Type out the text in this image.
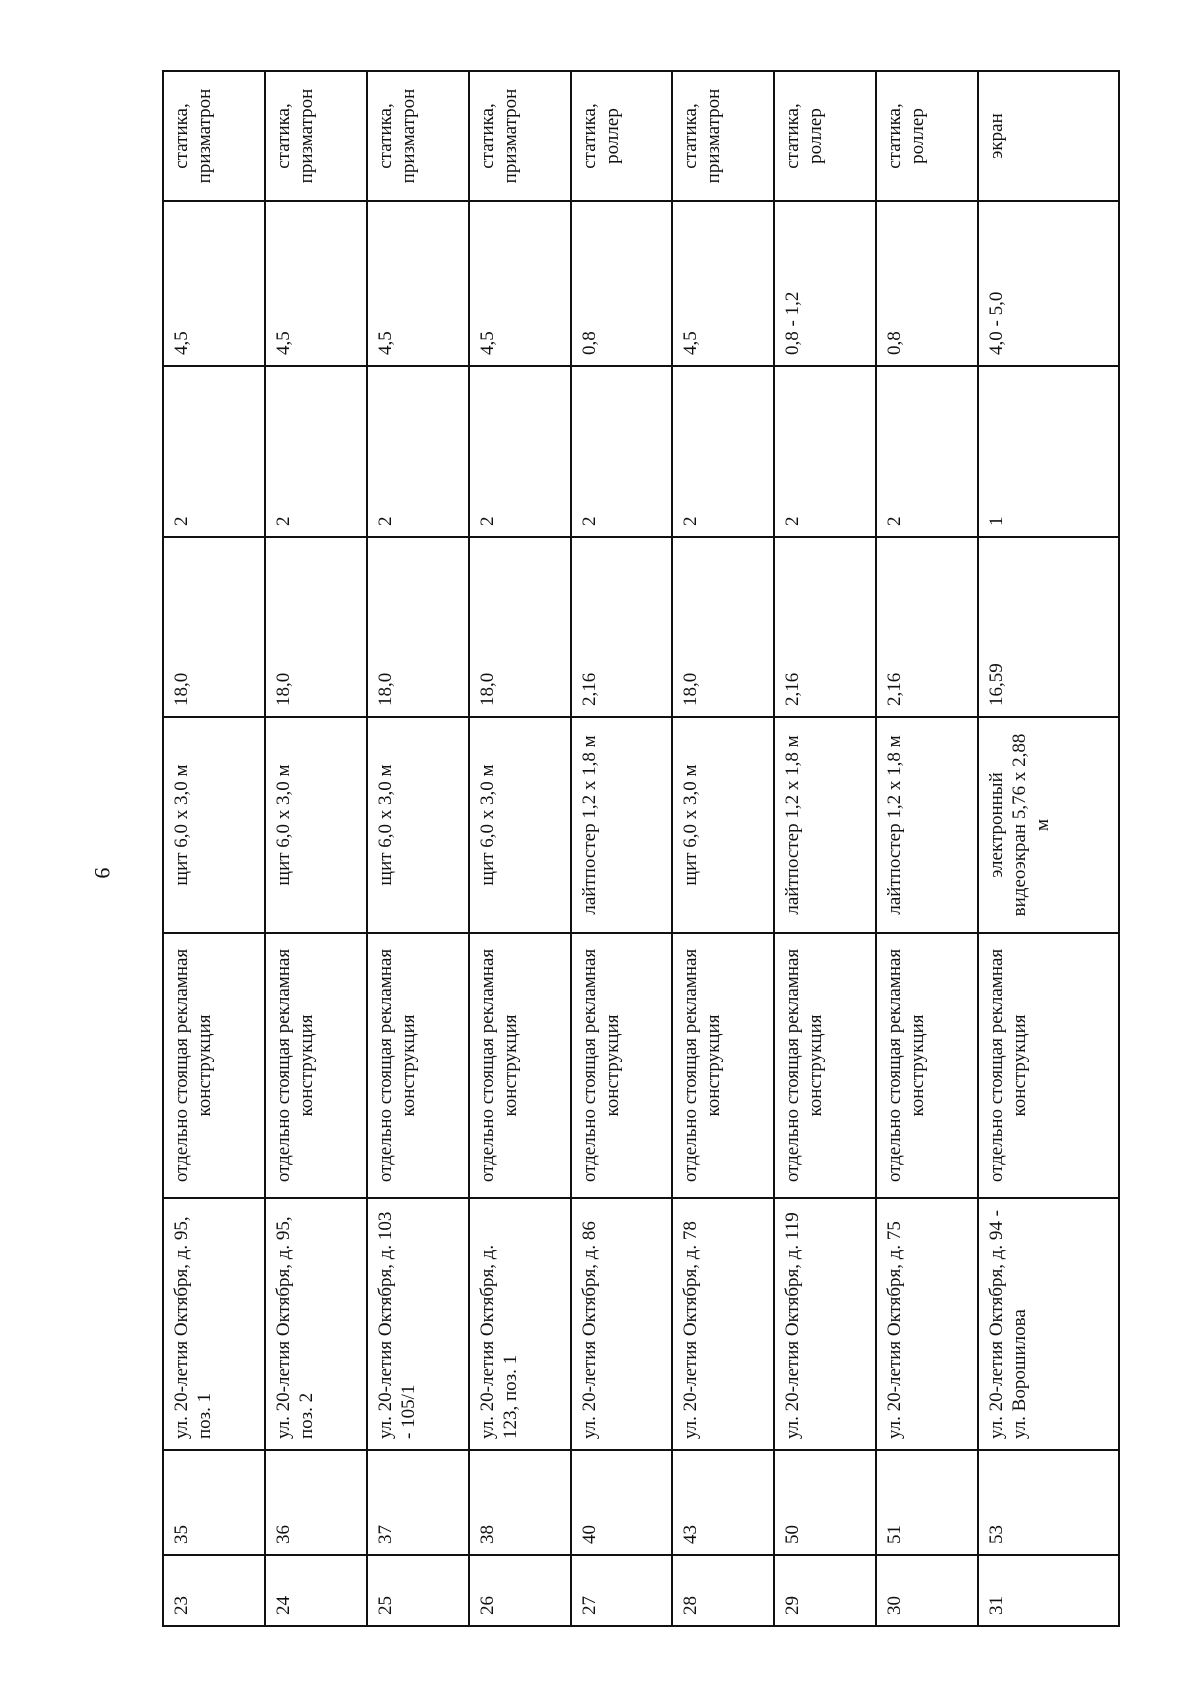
9

23	35	ул. 20-летия Октября, д. 95, поз. 1	отдельно стоящая рекламная конструкция	щит 6,0 х 3,0 м	18,0	2	4,5	статика, призматрон
24	36	ул. 20-летия Октября, д. 95, поз. 2	отдельно стоящая рекламная конструкция	щит 6,0 х 3,0 м	18,0	2	4,5	статика, призматрон
25	37	ул. 20-летия Октября, д. 103 - 105/1	отдельно стоящая рекламная конструкция	щит 6,0 х 3,0 м	18,0	2	4,5	статика, призматрон
26	38	ул. 20-летия Октября, д. 123, поз. 1	отдельно стоящая рекламная конструкция	щит 6,0 х 3,0 м	18,0	2	4,5	статика, призматрон
27	40	ул. 20-летия Октября, д. 86	отдельно стоящая рекламная конструкция	лайтпостер 1,2 х 1,8 м	2,16	2	0,8	статика, роллер
28	43	ул. 20-летия Октября, д. 78	отдельно стоящая рекламная конструкция	щит 6,0 х 3,0 м	18,0	2	4,5	статика, призматрон
29	50	ул. 20-летия Октября, д. 119	отдельно стоящая рекламная конструкция	лайтпостер 1,2 х 1,8 м	2,16	2	0,8 - 1,2	статика, роллер
30	51	ул. 20-летия Октября, д. 75	отдельно стоящая рекламная конструкция	лайтпостер 1,2 х 1,8 м	2,16	2	0,8	статика, роллер
31	53	ул. 20-летия Октября, д. 94 - ул. Ворошилова	отдельно стоящая рекламная конструкция	электронный видеоэкран 5,76 х 2,88 м	16,59	1	4,0 - 5,0	экран
